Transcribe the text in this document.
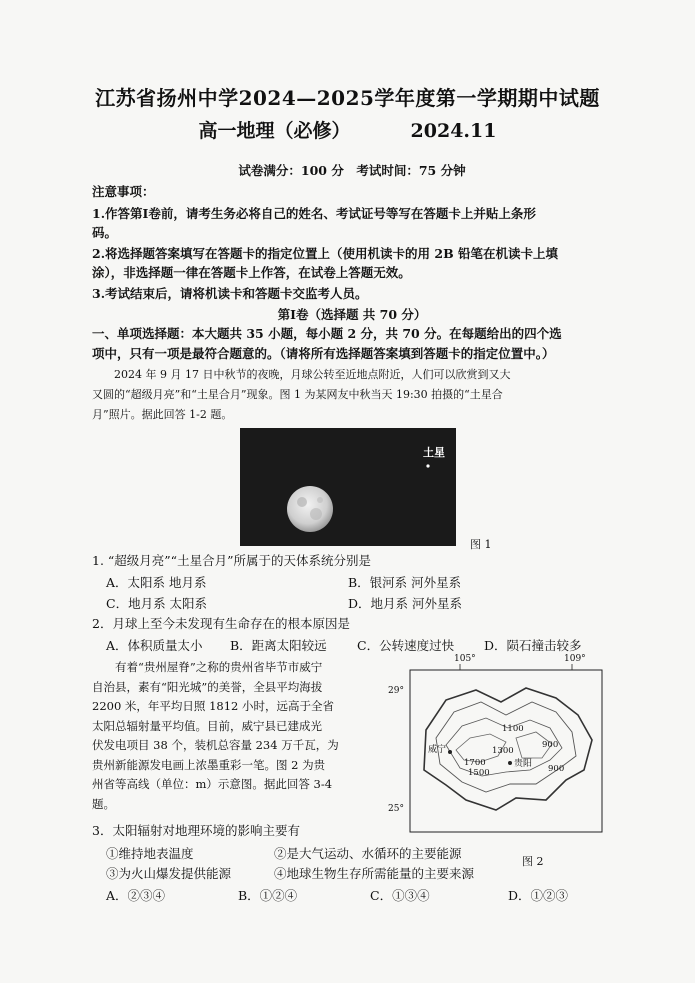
江苏省扬州中学2024—2025学年度第一学期期中试题
高一地理（必修）	2024.11
试卷满分：100 分　考试时间：75 分钟
注意事项：
1.作答第Ⅰ卷前，请考生务必将自己的姓名、考试证号等写在答题卡上并贴上条形
码。
2.将选择题答案填写在答题卡的指定位置上（使用机读卡的用 2B 铅笔在机读卡上填
涂），非选择题一律在答题卡上作答，在试卷上答题无效。
3.考试结束后，请将机读卡和答题卡交监考人员。
第Ⅰ卷（选择题 共 70 分）
一、单项选择题：本大题共 35 小题，每小题 2 分，共 70 分。在每题给出的四个选
项中，只有一项是最符合题意的。（请将所有选择题答案填到答题卡的指定位置中。）
2024 年 9 月 17 日中秋节的夜晚，月球公转至近地点附近，人们可以欣赏到又大
又圆的“超级月亮”和“土星合月”现象。图 1 为某网友中秋当天 19:30 拍摄的“土星合
月”照片。据此回答 1-2 题。
土星
图 1
1. “超级月亮”“土星合月”所属于的天体系统分别是
A．太阳系 地月系	B．银河系 河外星系
C．地月系 太阳系	D．地月系 河外星系
2．月球上至今未发现有生命存在的根本原因是
A．体积质量太小 B．距离太阳较远 C．公转速度过快 D．陨石撞击较多
有着“贵州屋脊”之称的贵州省毕节市威宁
自治县，素有“阳光城”的美誉，全县平均海拔
2200 米，年平均日照 1812 小时，远高于全省
太阳总辐射量平均值。目前，威宁县已建成光
伏发电项目 38 个，装机总容量 234 万千瓦，为
贵州新能源发电画上浓墨重彩一笔。图 2 为贵
州省等高线（单位：m）示意图。据此回答 3-4
题。
105°	109°
29°
25°
1100
900
1700
1300
1500	900
威宁
贵阳
3．太阳辐射对地理环境的影响主要有
图 2
①维持地表温度	②是大气运动、水循环的主要能源
③为火山爆发提供能源	④地球生物生存所需能量的主要来源
A．②③④	B．①②④	C．①③④	D．①②③
